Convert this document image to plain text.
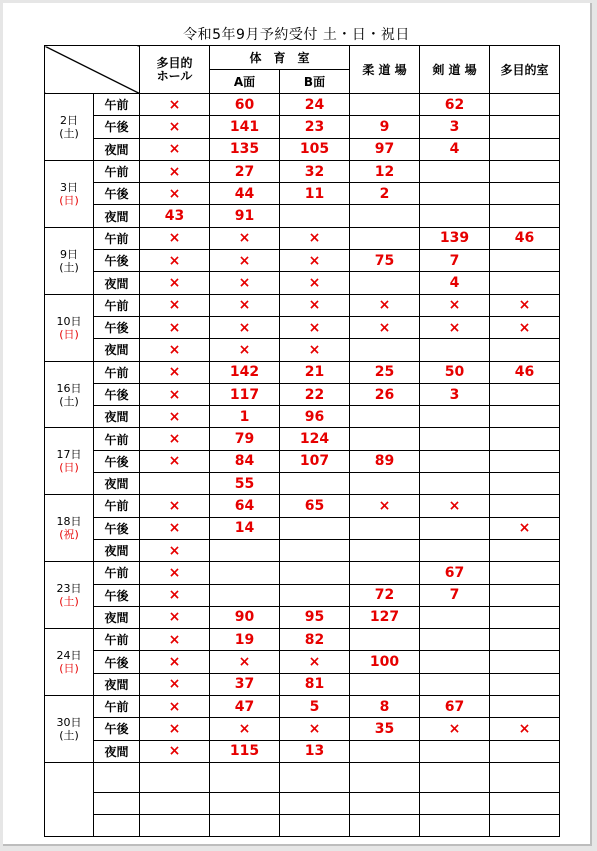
令和5年9月予約受付 土・日・祝日
		多目的
ホール	体　育　室		柔 道 場	剣 道 場	多目的室
			A面	B面			

2日
(土)	午前	×	60	24		62	
	午後	×	141	23	9	3	
	夜間	×	135	105	97	4	

3日
(日)	午前	×	27	32	12		
	午後	×	44	11	2		
	夜間	43	91				

9日
(土)	午前	×	×	×		139	46
	午後	×	×	×	75	7	
	夜間	×	×	×		4	

10日
(日)	午前	×	×	×	×	×	×
	午後	×	×	×	×	×	×
	夜間	×	×	×			

16日
(土)	午前	×	142	21	25	50	46
	午後	×	117	22	26	3	
	夜間	×	1	96			

17日
(日)	午前	×	79	124			
	午後	×	84	107	89		
	夜間		55				

18日
(祝)	午前	×	64	65	×	×	
	午後	×	14				×
	夜間	×					

23日
(土)	午前	×				67	
	午後	×			72	7	
	夜間	×	90	95	127		

24日
(日)	午前	×	19	82			
	午後	×	×	×	100		
	夜間	×	37	81			

30日
(土)	午前	×	47	5	8	67	
	午後	×	×	×	35	×	×
	夜間	×	115	13			
